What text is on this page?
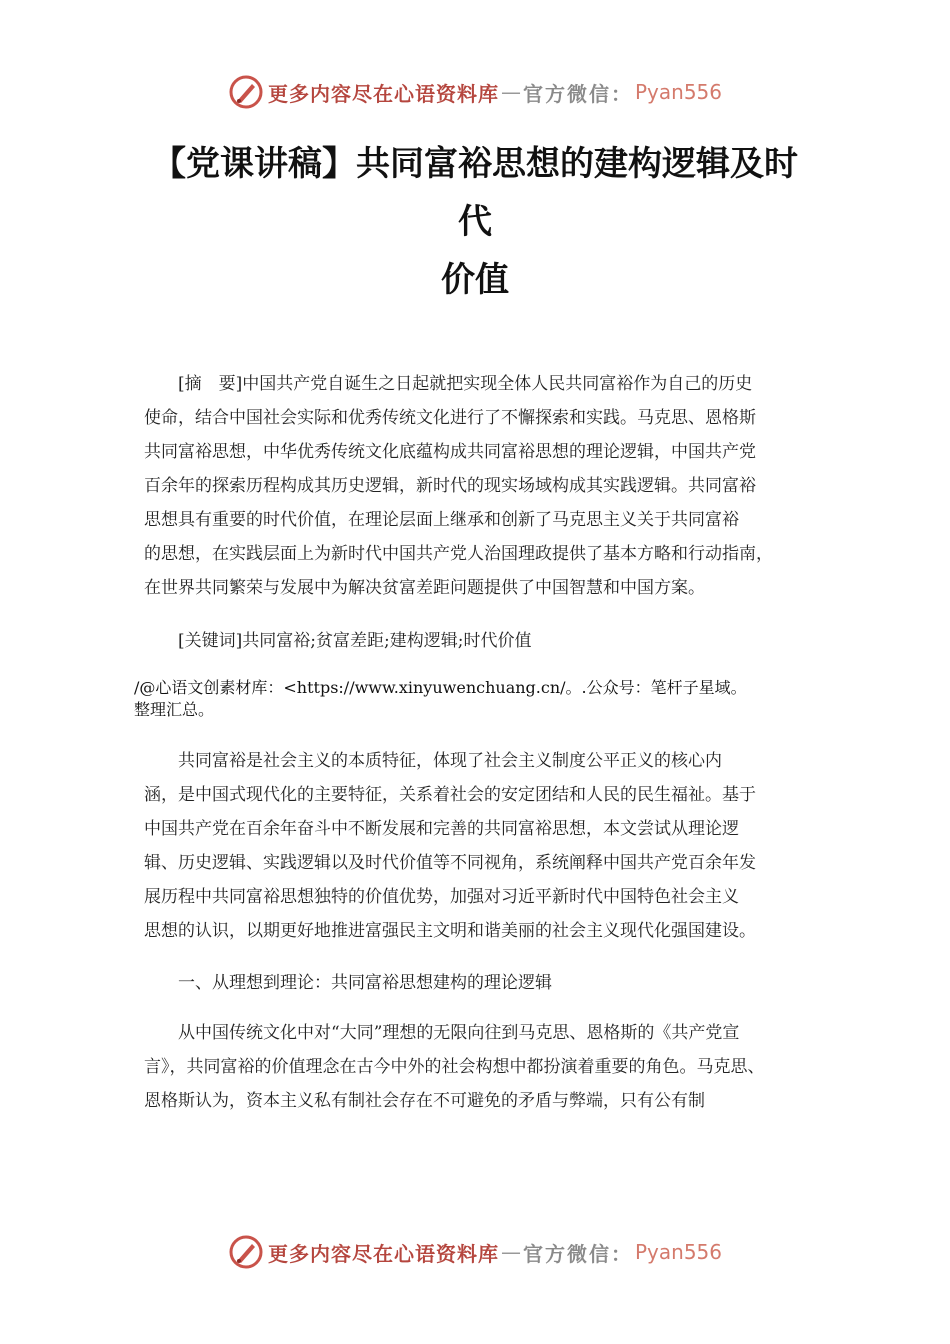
更多内容尽在心语资料库 — 官方微信： Pyan556
【党课讲稿】共同富裕思想的建构逻辑及时
代
价值
[摘　要]中国共产党自诞生之日起就把实现全体人民共同富裕作为自己的历史
使命，结合中国社会实际和优秀传统文化进行了不懈探索和实践。马克思、恩格斯
共同富裕思想，中华优秀传统文化底蕴构成共同富裕思想的理论逻辑，中国共产党
百余年的探索历程构成其历史逻辑，新时代的现实场域构成其实践逻辑。共同富裕
思想具有重要的时代价值，在理论层面上继承和创新了马克思主义关于共同富裕
的思想，在实践层面上为新时代中国共产党人治国理政提供了基本方略和行动指南，
在世界共同繁荣与发展中为解决贫富差距问题提供了中国智慧和中国方案。
[关键词]共同富裕;贫富差距;建构逻辑;时代价值
/@心语文创素材库：<https://www.xinyuwenchuang.cn/。.公众号：笔杆子星域。
整理汇总。
共同富裕是社会主义的本质特征，体现了社会主义制度公平正义的核心内
涵，是中国式现代化的主要特征，关系着社会的安定团结和人民的民生福祉。基于
中国共产党在百余年奋斗中不断发展和完善的共同富裕思想，本文尝试从理论逻
辑、历史逻辑、实践逻辑以及时代价值等不同视角，系统阐释中国共产党百余年发
展历程中共同富裕思想独特的价值优势，加强对习近平新时代中国特色社会主义
思想的认识，以期更好地推进富强民主文明和谐美丽的社会主义现代化强国建设。
一、从理想到理论：共同富裕思想建构的理论逻辑
从中国传统文化中对“大同”理想的无限向往到马克思、恩格斯的《共产党宣
言》，共同富裕的价值理念在古今中外的社会构想中都扮演着重要的角色。马克思、
恩格斯认为，资本主义私有制社会存在不可避免的矛盾与弊端，只有公有制
更多内容尽在心语资料库 — 官方微信： Pyan556
